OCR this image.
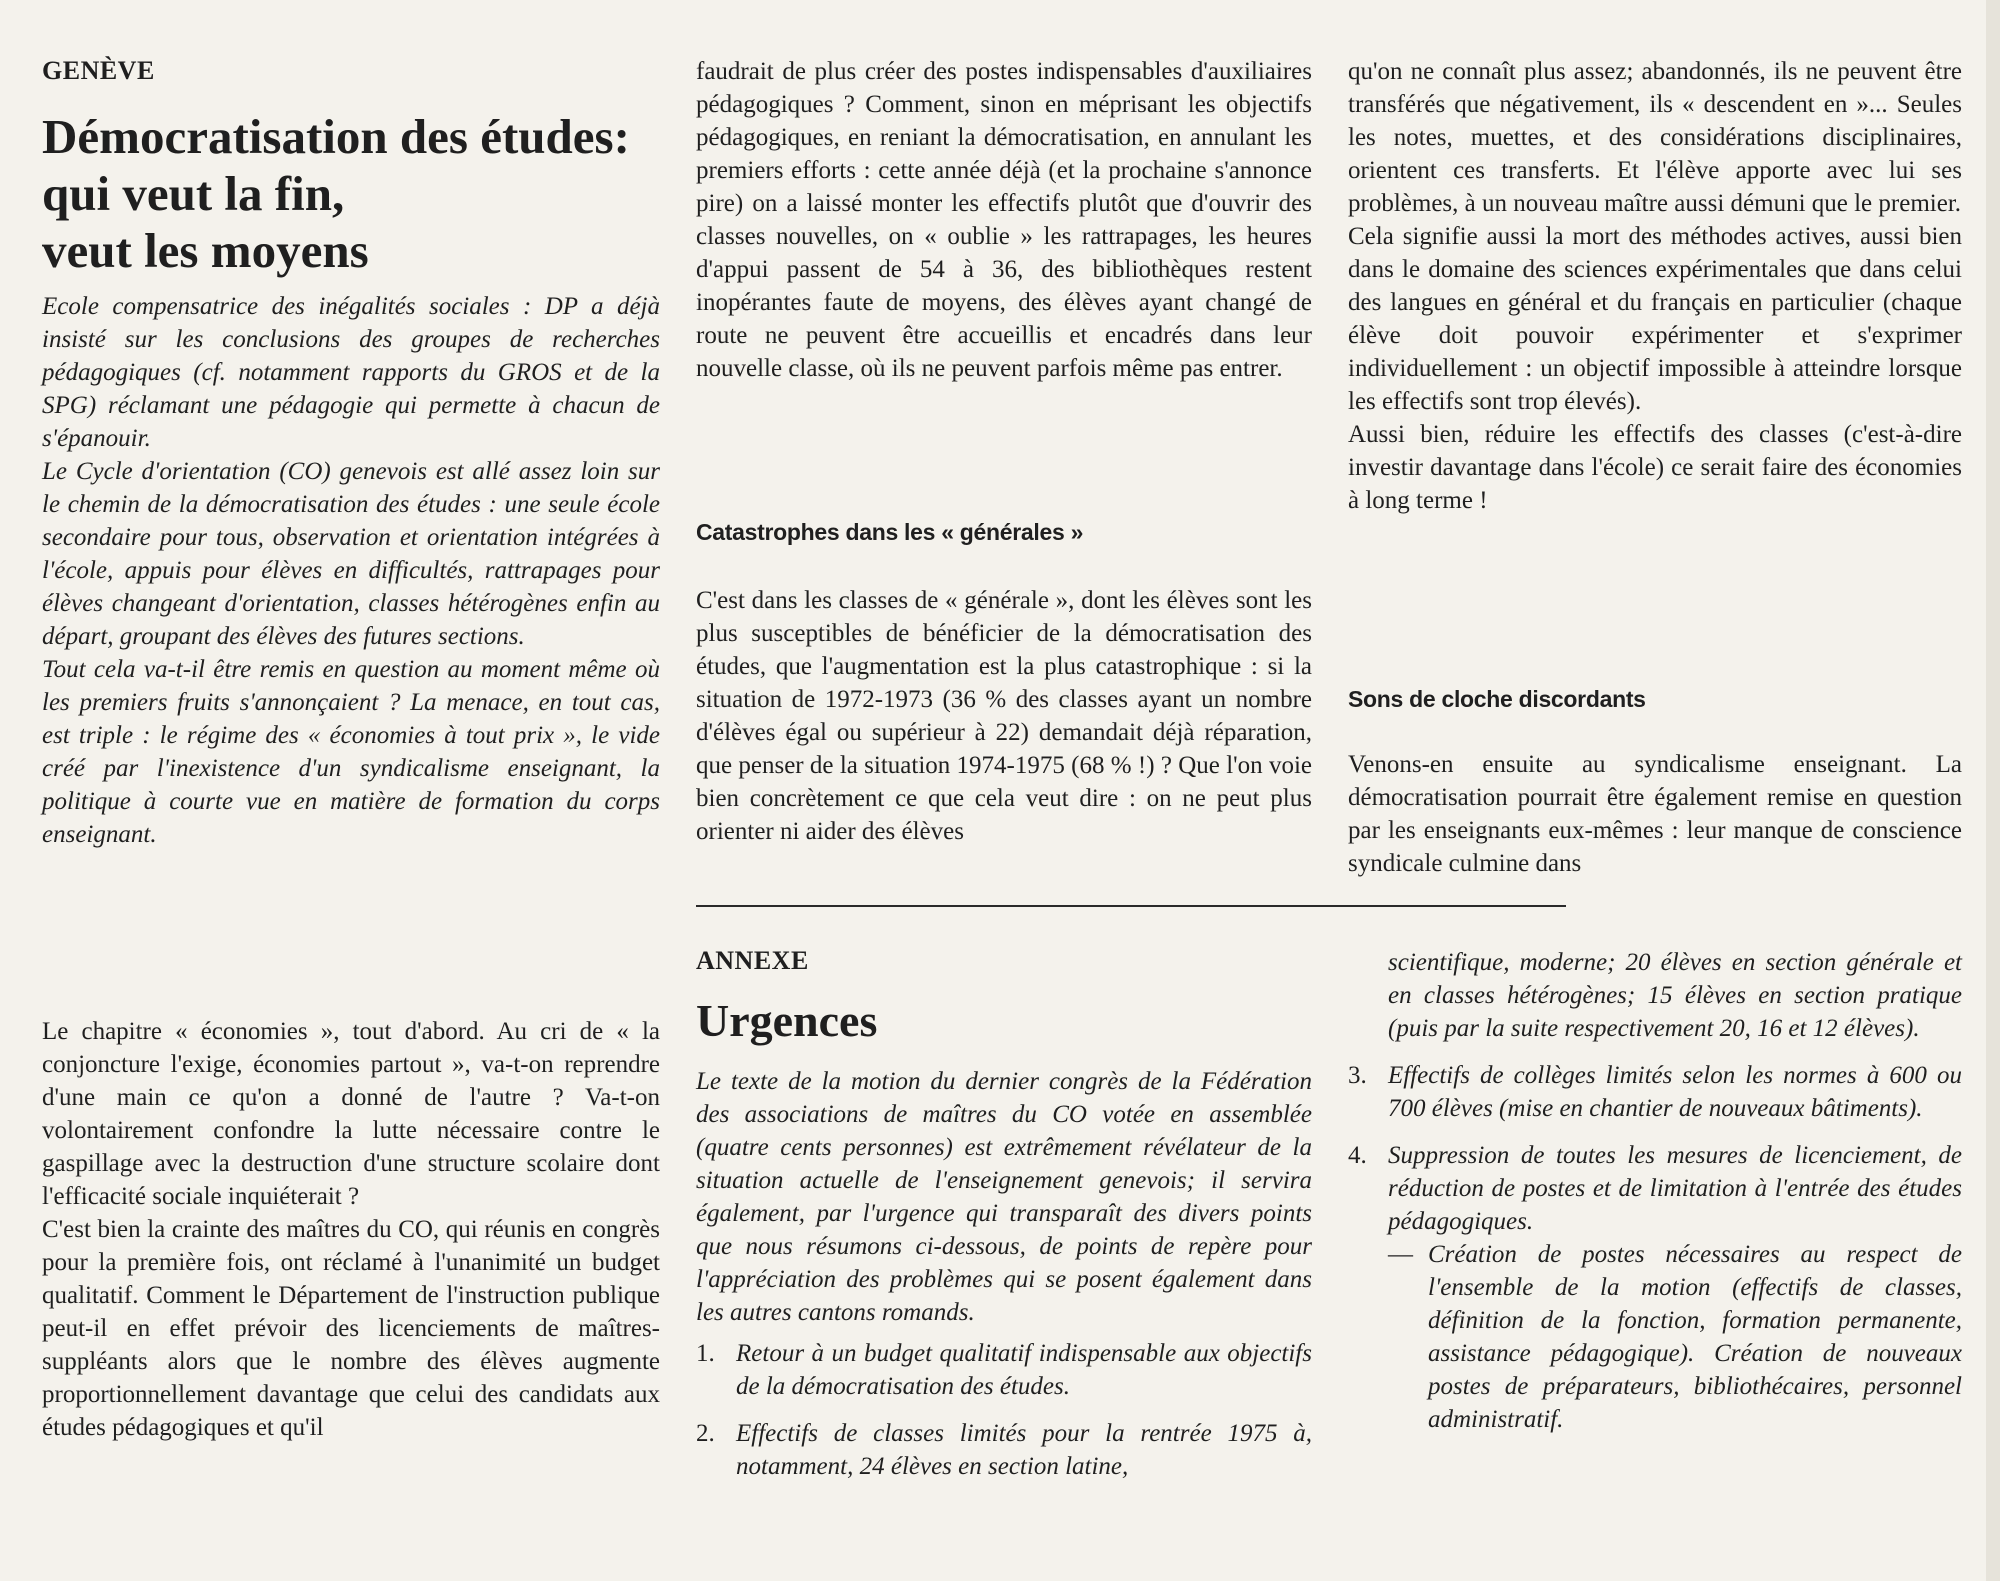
GENÈVE
Démocratisation des études:
qui veut la fin,
veut les moyens

Ecole compensatrice des inégalités sociales : DP a déjà insisté sur les conclusions des groupes de recherches pédagogiques (cf. notamment rapports du GROS et de la SPG) réclamant une pédagogie qui permette à chacun de s'épanouir.

Le Cycle d'orientation (CO) genevois est allé assez loin sur le chemin de la démocratisation des études : une seule école secondaire pour tous, observation et orientation intégrées à l'école, appuis pour élèves en difficultés, rattrapages pour élèves changeant d'orientation, classes hétérogènes enfin au départ, groupant des élèves des futures sections.

Tout cela va-t-il être remis en question au moment même où les premiers fruits s'annonçaient ? La menace, en tout cas, est triple : le régime des « économies à tout prix », le vide créé par l'inexistence d'un syndicalisme enseignant, la politique à courte vue en matière de formation du corps enseignant.

Le chapitre « économies », tout d'abord. Au cri de « la conjoncture l'exige, économies partout », va-t-on reprendre d'une main ce qu'on a donné de l'autre ? Va-t-on volontairement confondre la lutte nécessaire contre le gaspillage avec la destruction d'une structure scolaire dont l'efficacité sociale inquiéterait ?

C'est bien la crainte des maîtres du CO, qui réunis en congrès pour la première fois, ont réclamé à l'unanimité un budget qualitatif. Comment le Département de l'instruction publique peut-il en effet prévoir des licenciements de maîtres-suppléants alors que le nombre des élèves augmente proportionnellement davantage que celui des candidats aux études pédagogiques et qu'il

faudrait de plus créer des postes indispensables d'auxiliaires pédagogiques ? Comment, sinon en méprisant les objectifs pédagogiques, en reniant la démocratisation, en annulant les premiers efforts : cette année déjà (et la prochaine s'annonce pire) on a laissé monter les effectifs plutôt que d'ouvrir des classes nouvelles, on « oublie » les rattrapages, les heures d'appui passent de 54 à 36, des bibliothèques restent inopérantes faute de moyens, des élèves ayant changé de route ne peuvent être accueillis et encadrés dans leur nouvelle classe, où ils ne peuvent parfois même pas entrer.

Catastrophes dans les « générales »

C'est dans les classes de « générale », dont les élèves sont les plus susceptibles de bénéficier de la démocratisation des études, que l'augmentation est la plus catastrophique : si la situation de 1972-1973 (36 % des classes ayant un nombre d'élèves égal ou supérieur à 22) demandait déjà réparation, que penser de la situation 1974-1975 (68 % !) ? Que l'on voie bien concrètement ce que cela veut dire : on ne peut plus orienter ni aider des élèves

qu'on ne connaît plus assez; abandonnés, ils ne peuvent être transférés que négativement, ils « descendent en »... Seules les notes, muettes, et des considérations disciplinaires, orientent ces transferts. Et l'élève apporte avec lui ses problèmes, à un nouveau maître aussi démuni que le premier.

Cela signifie aussi la mort des méthodes actives, aussi bien dans le domaine des sciences expérimentales que dans celui des langues en général et du français en particulier (chaque élève doit pouvoir expérimenter et s'exprimer individuellement : un objectif impossible à atteindre lorsque les effectifs sont trop élevés).

Aussi bien, réduire les effectifs des classes (c'est-à-dire investir davantage dans l'école) ce serait faire des économies à long terme !

Sons de cloche discordants

Venons-en ensuite au syndicalisme enseignant. La démocratisation pourrait être également remise en question par les enseignants eux-mêmes : leur manque de conscience syndicale culmine dans

ANNEXE
Urgences

Le texte de la motion du dernier congrès de la Fédération des associations de maîtres du CO votée en assemblée (quatre cents personnes) est extrêmement révélateur de la situation actuelle de l'enseignement genevois; il servira également, par l'urgence qui transparaît des divers points que nous résumons ci-dessous, de points de repère pour l'appréciation des problèmes qui se posent également dans les autres cantons romands.

1. Retour à un budget qualitatif indispensable aux objectifs de la démocratisation des études.
2. Effectifs de classes limités pour la rentrée 1975 à, notamment, 24 élèves en section latine,

scientifique, moderne; 20 élèves en section générale et en classes hétérogènes; 15 élèves en section pratique (puis par la suite respectivement 20, 16 et 12 élèves).

3. Effectifs de collèges limités selon les normes à 600 ou 700 élèves (mise en chantier de nouveaux bâtiments).
4. Suppression de toutes les mesures de licenciement, de réduction de postes et de limitation à l'entrée des études pédagogiques.
— Création de postes nécessaires au respect de l'ensemble de la motion (effectifs de classes, définition de la fonction, formation permanente, assistance pédagogique). Création de nouveaux postes de préparateurs, bibliothécaires, personnel administratif.
